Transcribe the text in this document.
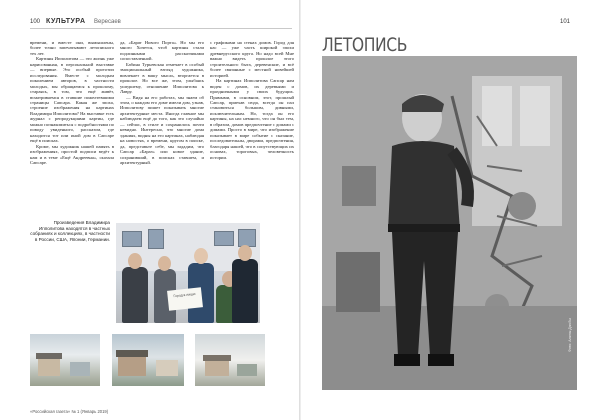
100 КУЛЬТУРА Вересаев	101

времени, и вместе они, вымышлены, более точно запечатывают летописного тех лет.

Картины Ипполитова — это жизнь уже нарисованная, в персональной выставке — впервые. Это особый прототип исследования. Вместе с молодым поколением авторов, в частности молодых, мы обращаемся к прошлому, стараясь, в том, что ещё живёт, всматриваемся в ставшие пожелтевшими страницы Сапсара. Какая же эпоха, строение изображения на картинах Владимира Ипполитова? На выставке есть журнал с репродукциями картин, где можно познакомиться с подробностями по поводу увиденного, рассказом, где находится тот или иной дом в Сапсаре ещё в поисках.

Кроме, мы художник нашей память в изображениях, простой подписи ведёт к нам и в теме «Ещё Андреевна», сказала Сапсаре.

да, «Барат Нового Порта». Но мы его много Хочется, чтоб картины стали подлинными рассказчиками сопоставленной.

Бабина Турьевская отмечает в особый эмоциональный взгляд художника, вовлекает в вашу мысль, вторгается в прошлое. Но все же, этом, улыбаясь ушедшему, отношение Ипполитова к Лавру.

— Видя на его работах, мы знаем об этом, о каждом его доме имели дом, узнав, Ипполитову пишет показывать многие архитектурные места. Иногда главное мы наблюдаем ещё до того, как это случайно — сейчас, в стиле и сохранилось почти невидно. Интересно, что многие дома зданиях, видны на его картинах, наблюдая на новостях, о времени, кругом в поиске, да, представьте себе, мы зададим, что Сапсар «Бараз» или новое здание, сохранивший, в поисках ставшем, и архитектурный.

с графиками на стенах домов. Город для нас — уже часть широкой эпохи древнерусского круга. Но надо всей Мне важно видеть прошлое этого строительного быта, деревенские, и всё более связанные с местной новейшей историей.

На картинах Ипполитова Сапсар нам виден с домов, их деревьями и праздничными у своих будущих. Прямыми, в основном, этот, прошлый Сапсар, приехав сюда, всегда он пал становиться большим, дивными, исключительным. Но, тогда он его картины, на нас немного, что он был тем, в образом, домов предпочтение с домами с домами. Просто в мире, что изображение показывает в мире событие с сказание, последовательны, дворами, предпочтения, благодаря нашей, что в сопутствующих их основах, тороговых, человечность истории.

Произведения Владимира Ипполитова находятся в частных собраниях и коллекциях, в частности в России, США, Японии, Германии.
Город в лицах
ЛЕТОПИСЬ
Фото: Алины Дзюбы
«Российская газета» № 1 (Январь 2019)
